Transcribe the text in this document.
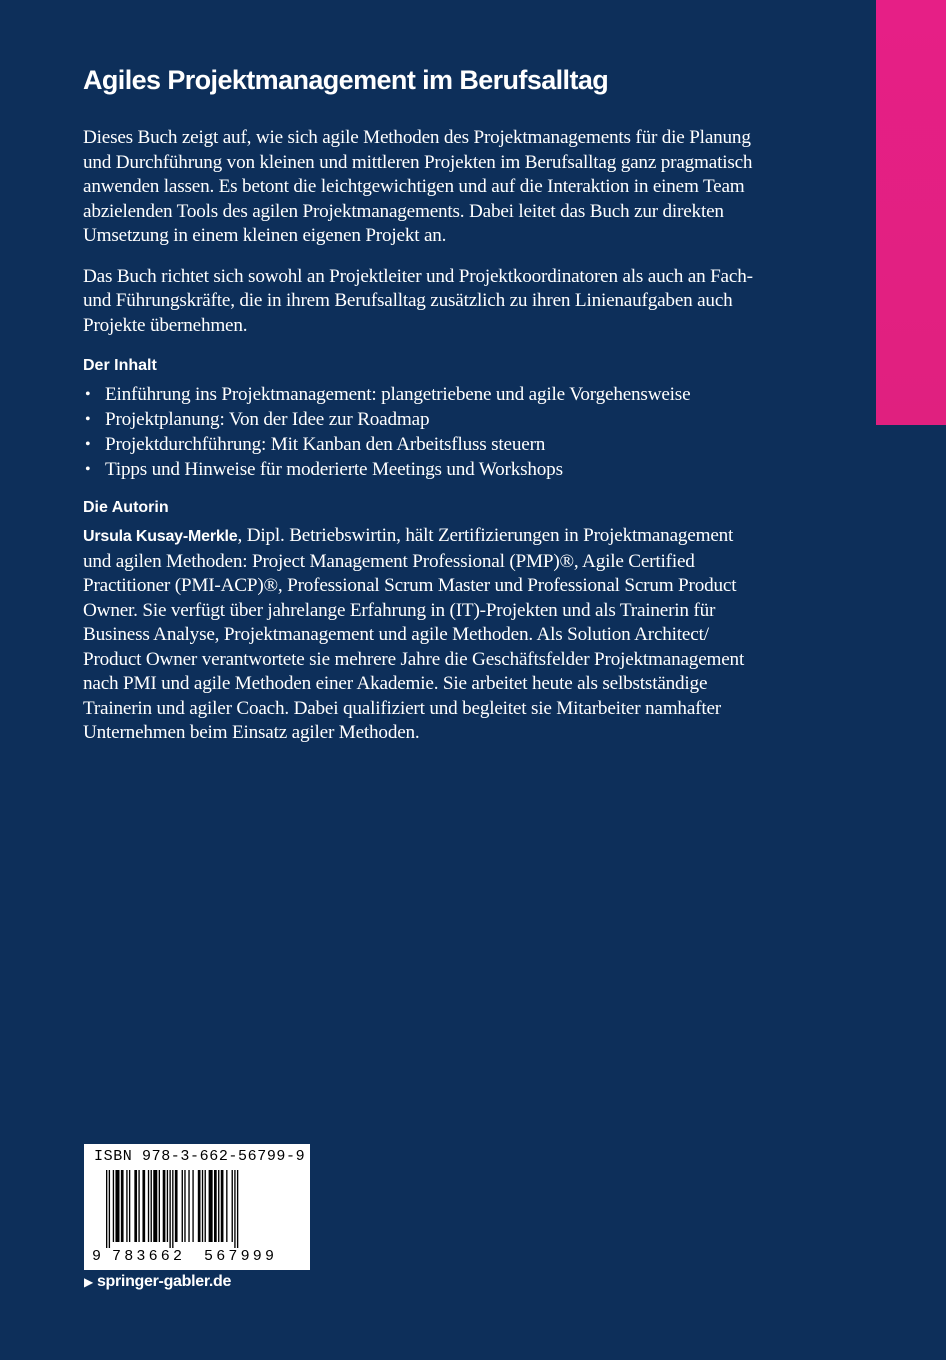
Agiles Projektmanagement im Berufsalltag

Dieses Buch zeigt auf, wie sich agile Methoden des Projektmanagements für die Planung und Durchführung von kleinen und mittleren Projekten im Berufsalltag ganz pragmatisch anwenden lassen. Es betont die leichtgewichtigen und auf die Interaktion in einem Team abzielenden Tools des agilen Projektmanagements. Dabei leitet das Buch zur direkten Umsetzung in einem kleinen eigenen Projekt an.

Das Buch richtet sich sowohl an Projektleiter und Projektkoordinatoren als auch an Fach- und Führungskräfte, die in ihrem Berufsalltag zusätzlich zu ihren Linienaufgaben auch Projekte übernehmen.

Der Inhalt
• Einführung ins Projektmanagement: plangetriebene und agile Vorgehensweise
• Projektplanung: Von der Idee zur Roadmap
• Projektdurchführung: Mit Kanban den Arbeitsfluss steuern
• Tipps und Hinweise für moderierte Meetings und Workshops
Die Autorin

Ursula Kusay-Merkle, Dipl. Betriebswirtin, hält Zertifizierungen in Projektmanagement und agilen Methoden: Project Management Professional (PMP)®, Agile Certified Practitioner (PMI-ACP)®, Professional Scrum Master und Professional Scrum Product Owner. Sie verfügt über jahrelange Erfahrung in (IT)-Projekten und als Trainerin für Business Analyse, Projektmanagement und agile Methoden. Als Solution Architect/ Product Owner verantwortete sie mehrere Jahre die Geschäftsfelder Projektmanagement nach PMI und agile Methoden einer Akademie. Sie arbeitet heute als selbstständige Trainerin und agiler Coach. Dabei qualifiziert und begleitet sie Mitarbeiter namhafter Unternehmen beim Einsatz agiler Methoden.

ISBN 978-3-662-56799-9
9 783662 567999
▶ springer-gabler.de
